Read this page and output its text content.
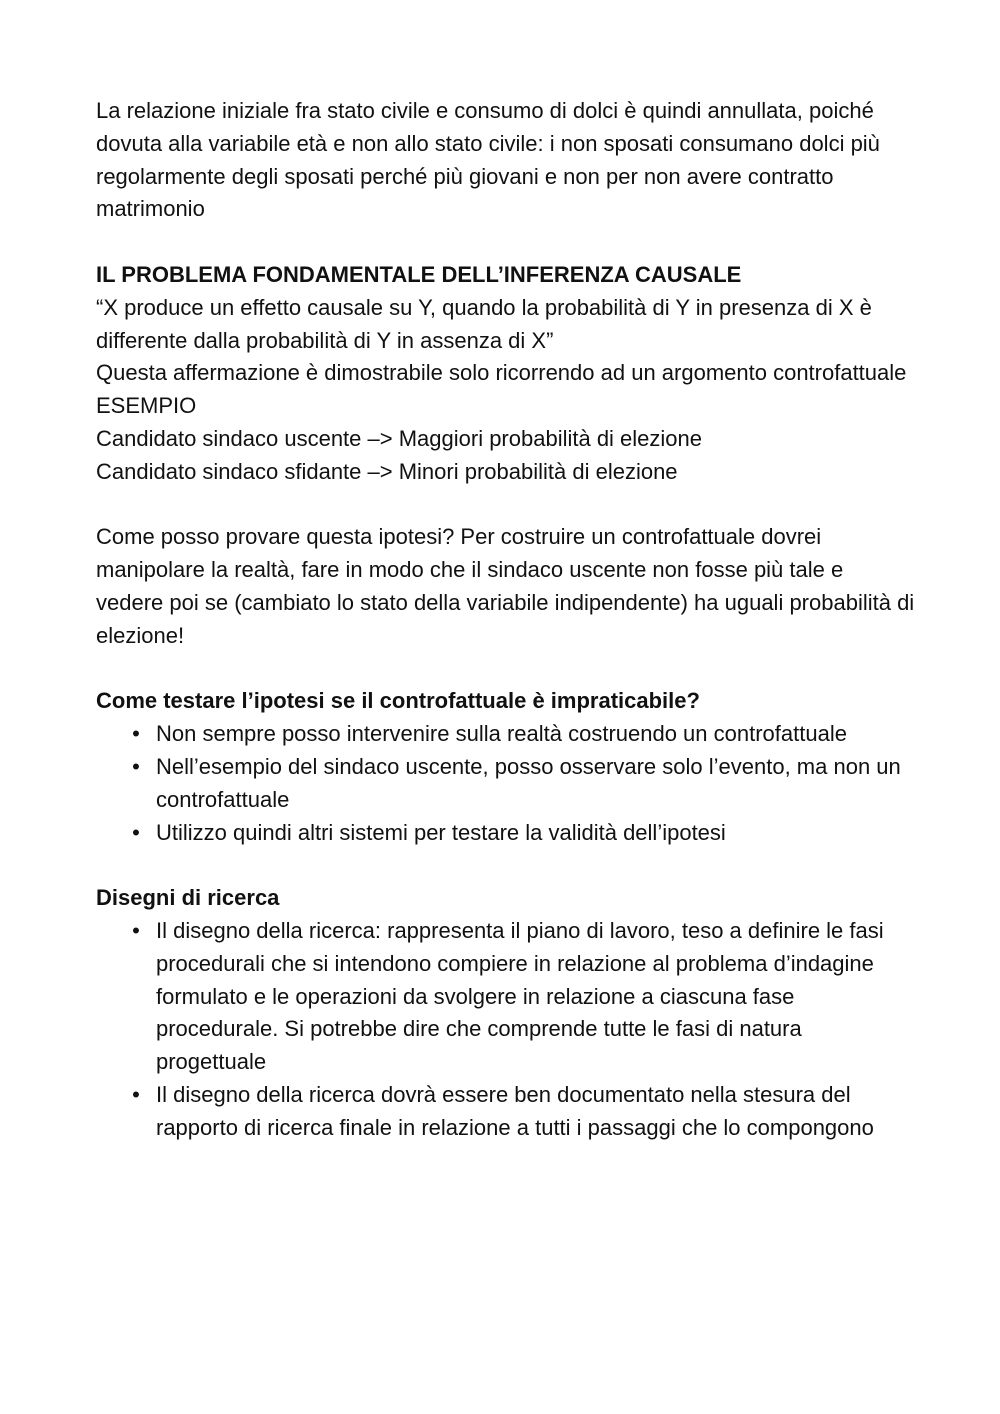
La relazione iniziale fra stato civile e consumo di dolci è quindi annullata, poiché dovuta alla variabile età e non allo stato civile: i non sposati consumano dolci più regolarmente degli sposati perché più giovani e non per non avere contratto matrimonio

IL PROBLEMA FONDAMENTALE DELL’INFERENZA CAUSALE

“X produce un effetto causale su Y, quando la probabilità di Y in presenza di X è differente dalla probabilità di Y in assenza di X”

Questa affermazione è dimostrabile solo ricorrendo ad un argomento controfattuale

ESEMPIO

Candidato sindaco uscente –> Maggiori probabilità di elezione

Candidato sindaco sfidante –> Minori probabilità di elezione

Come posso provare questa ipotesi? Per costruire un controfattuale dovrei manipolare la realtà, fare in modo che il sindaco uscente non fosse più tale e vedere poi se (cambiato lo stato della variabile indipendente) ha uguali probabilità di elezione!

Come testare l’ipotesi se il controfattuale è impraticabile?

• Non sempre posso intervenire sulla realtà costruendo un controfattuale
• Nell’esempio del sindaco uscente, posso osservare solo l’evento, ma non un controfattuale
• Utilizzo quindi altri sistemi per testare la validità dell’ipotesi

Disegni di ricerca

• Il disegno della ricerca: rappresenta il piano di lavoro, teso a definire le fasi procedurali che si intendono compiere in relazione al problema d’indagine formulato e le operazioni da svolgere in relazione a ciascuna fase procedurale. Si potrebbe dire che comprende tutte le fasi di natura progettuale
• Il disegno della ricerca dovrà essere ben documentato nella stesura del rapporto di ricerca finale in relazione a tutti i passaggi che lo compongono
